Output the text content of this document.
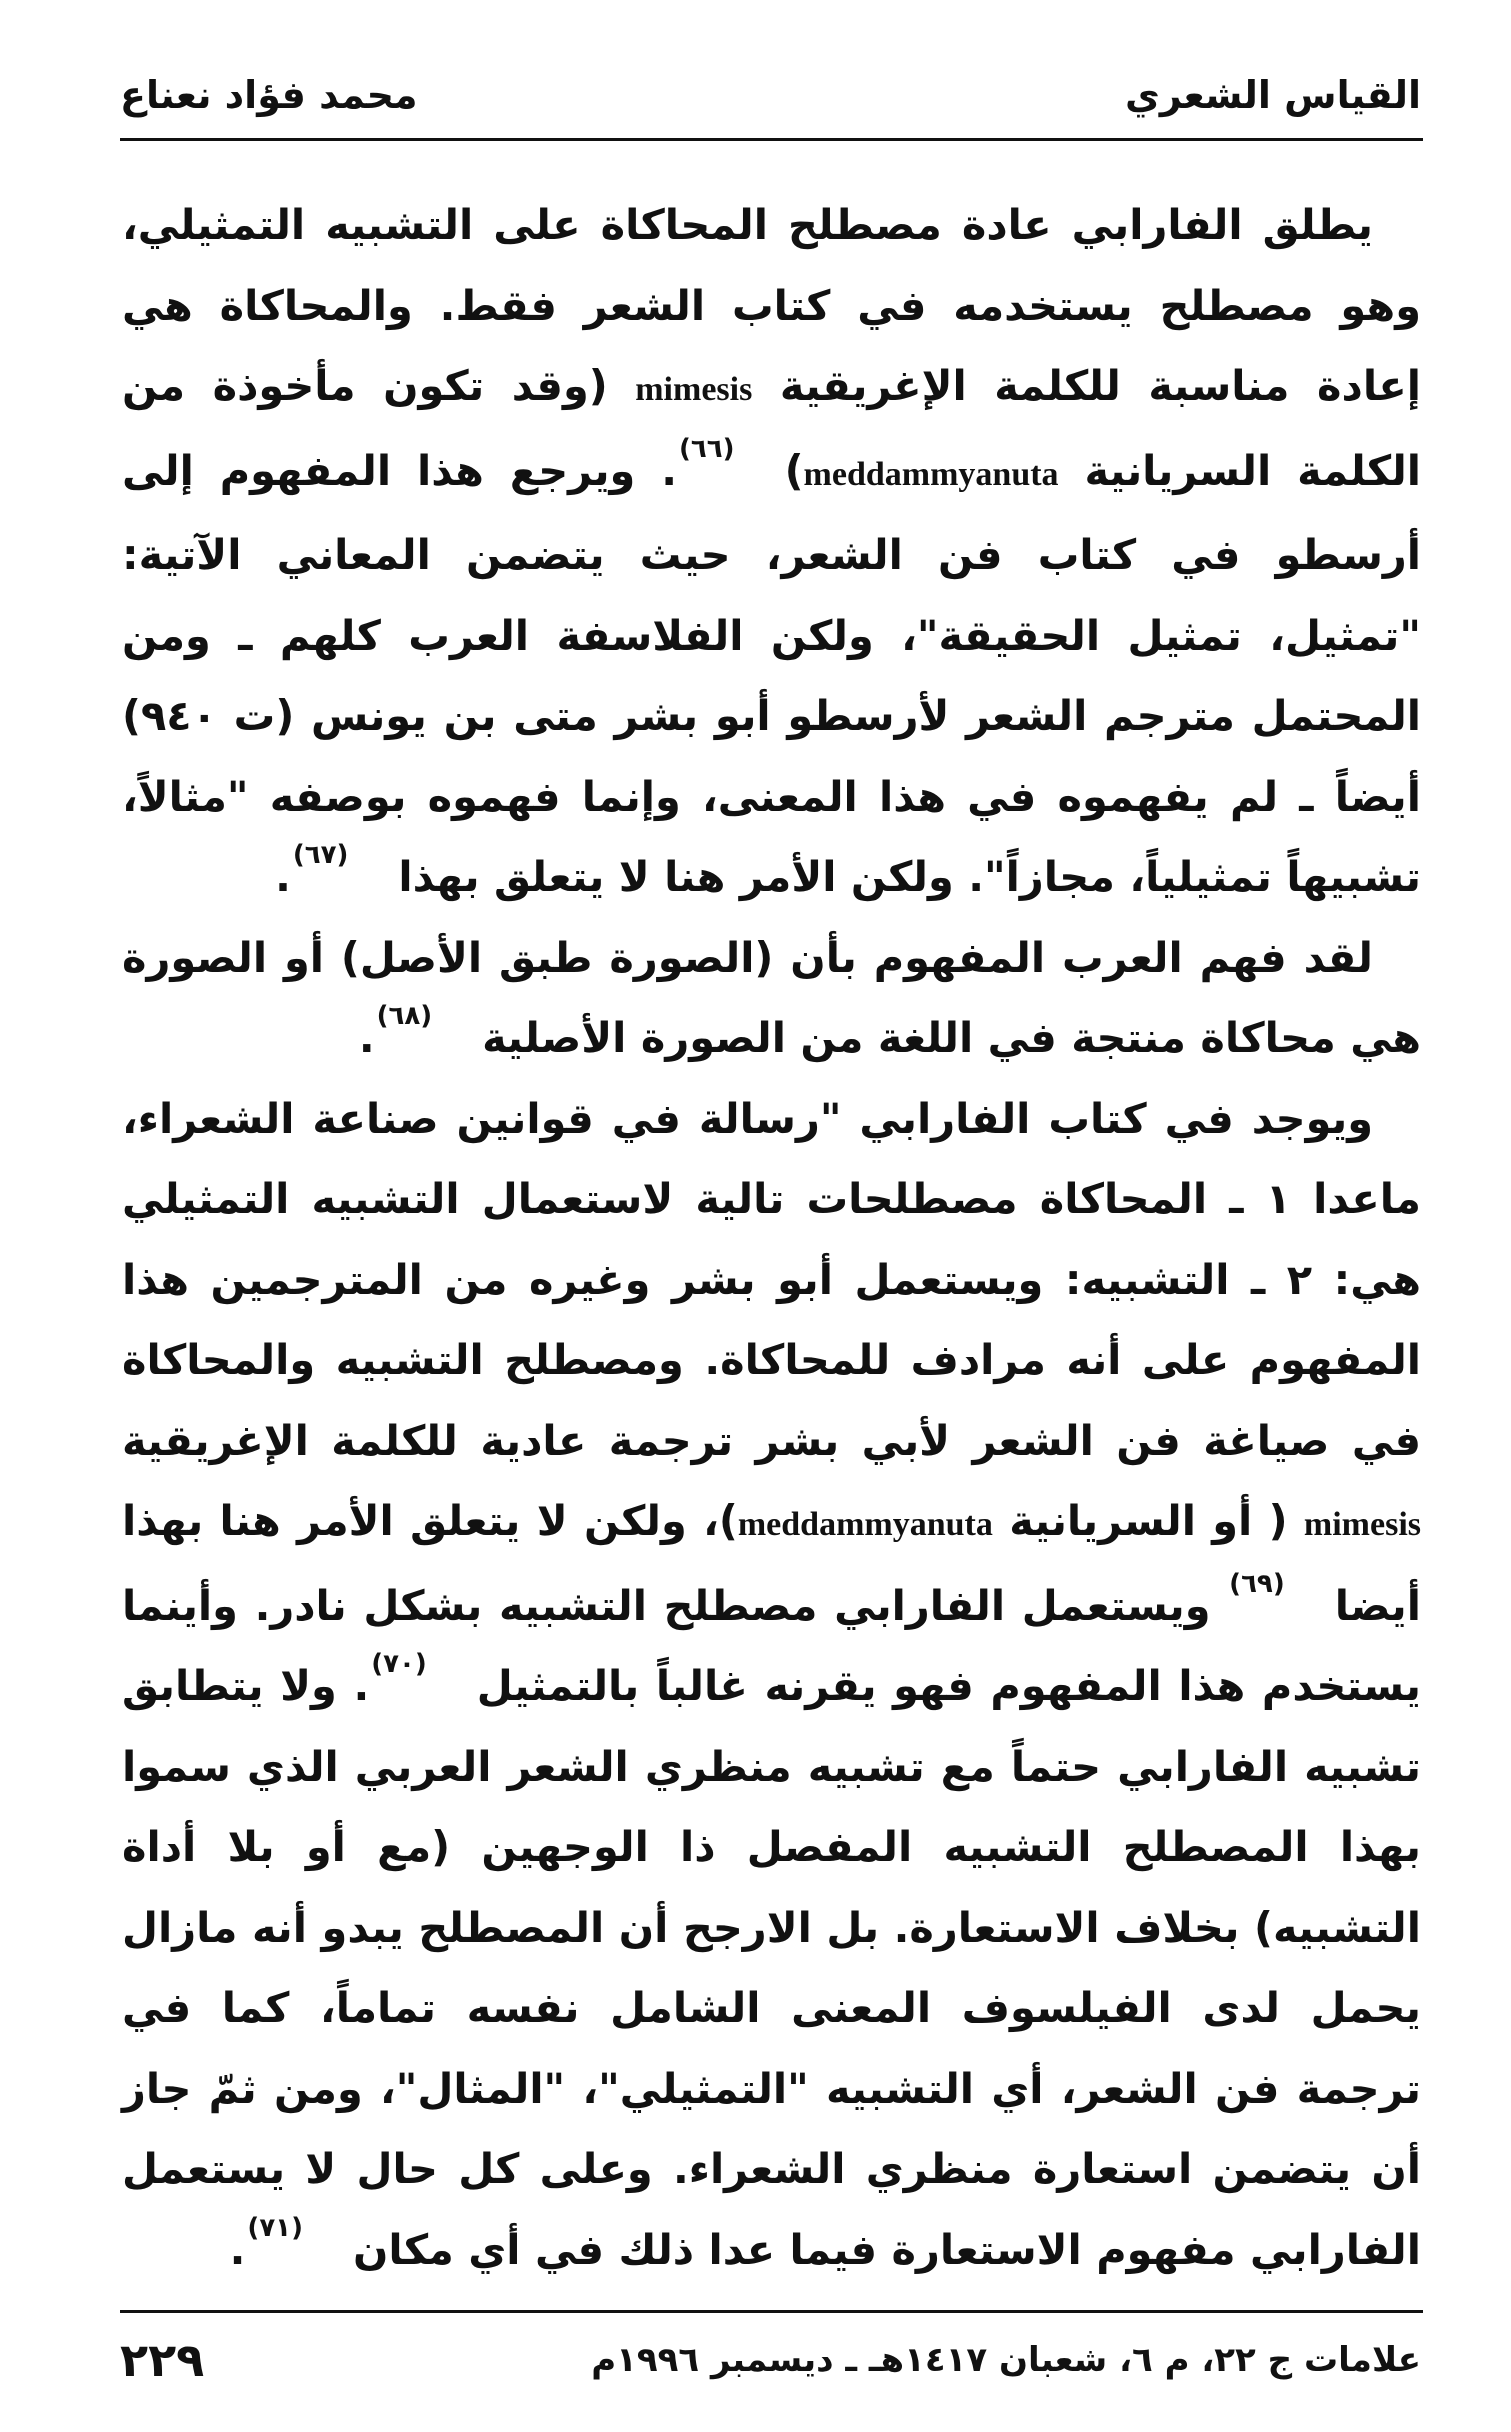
القياس الشعري
محمد فؤاد نعناع

يطلق الفارابي عادة مصطلح المحاكاة على التشبيه التمثيلي، وهو مصطلح يستخدمه في كتاب الشعر فقط. والمحاكاة هي إعادة مناسبة للكلمة الإغريقية mimesis (وقد تكون مأخوذة من الكلمة السريانية meddammyanuta)(٦٦). ويرجع هذا المفهوم إلى أرسطو في كتاب فن الشعر، حيث يتضمن المعاني الآتية: "تمثيل، تمثيل الحقيقة"، ولكن الفلاسفة العرب كلهم ـ ومن المحتمل مترجم الشعر لأرسطو أبو بشر متى بن يونس (ت ٩٤٠) أيضاً ـ لم يفهموه في هذا المعنى، وإنما فهموه بوصفه "مثالاً، تشبيهاً تمثيلياً، مجازاً". ولكن الأمر هنا لا يتعلق بهذا(٦٧).

لقد فهم العرب المفهوم بأن (الصورة طبق الأصل) أو الصورة هي محاكاة منتجة في اللغة من الصورة الأصلية(٦٨).

ويوجد في كتاب الفارابي "رسالة في قوانين صناعة الشعراء، ماعدا ١ ـ المحاكاة مصطلحات تالية لاستعمال التشبيه التمثيلي هي: ٢ ـ التشبيه: ويستعمل أبو بشر وغيره من المترجمين هذا المفهوم على أنه مرادف للمحاكاة. ومصطلح التشبيه والمحاكاة في صياغة فن الشعر لأبي بشر ترجمة عادية للكلمة الإغريقية mimesis ( أو السريانية meddammyanuta)، ولكن لا يتعلق الأمر هنا بهذا أيضا(٦٩) ويستعمل الفارابي مصطلح التشبيه بشكل نادر. وأينما يستخدم هذا المفهوم فهو يقرنه غالباً بالتمثيل(٧٠). ولا يتطابق تشبيه الفارابي حتماً مع تشبيه منظري الشعر العربي الذي سموا بهذا المصطلح التشبيه المفصل ذا الوجهين (مع أو بلا أداة التشبيه) بخلاف الاستعارة. بل الارجح أن المصطلح يبدو أنه مازال يحمل لدى الفيلسوف المعنى الشامل نفسه تماماً، كما في ترجمة فن الشعر، أي التشبيه "التمثيلي"، "المثال"، ومن ثمّ جاز أن يتضمن استعارة منظري الشعراء. وعلى كل حال لا يستعمل الفارابي مفهوم الاستعارة فيما عدا ذلك في أي مكان(٧١).

علامات ج ٢٢، م ٦، شعبان ١٤١٧هـ ـ ديسمبر ١٩٩٦م
٢٢٩
